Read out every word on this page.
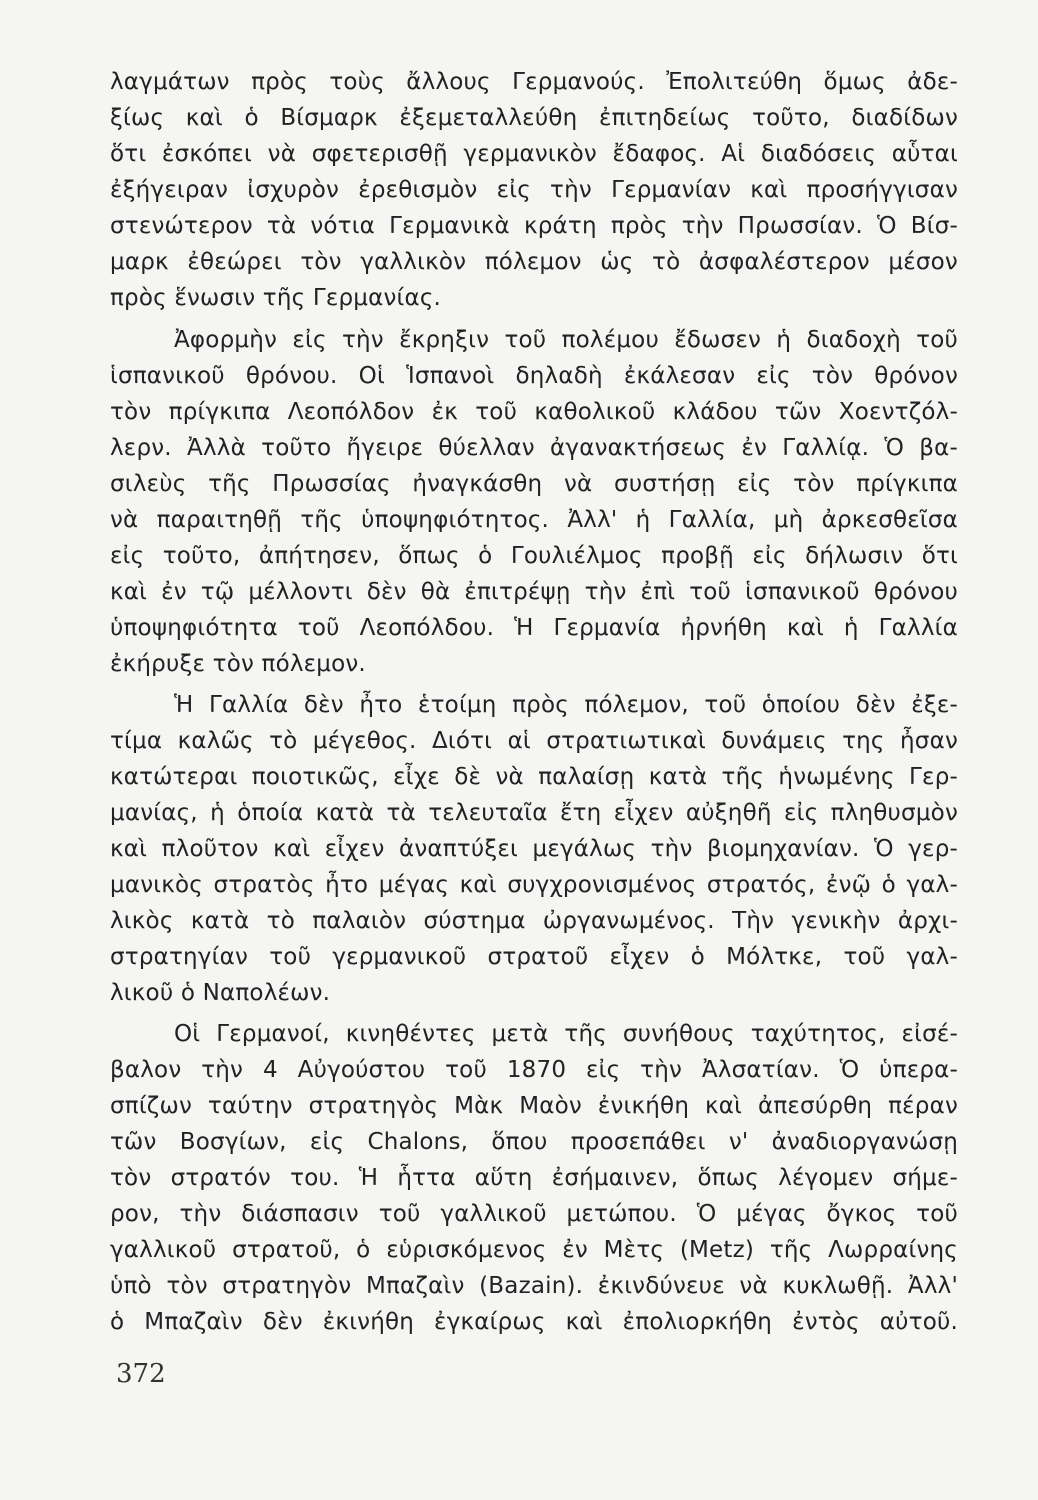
λαγμάτων πρὸς τοὺς ἄλλους Γερμανούς. Ἐπολιτεύθη ὅμως ἀδε-
ξίως καὶ ὁ Βίσμαρκ ἐξεμεταλλεύθη ἐπιτηδείως τοῦτο, διαδίδων
ὅτι ἐσκόπει νὰ σφετερισθῇ γερμανικὸν ἔδαφος. Αἱ διαδόσεις αὗται
ἐξήγειραν ἰσχυρὸν ἐρεθισμὸν εἰς τὴν Γερμανίαν καὶ προσήγγισαν
στενώτερον τὰ νότια Γερμανικὰ κράτη πρὸς τὴν Πρωσσίαν. Ὁ Βίσ-
μαρκ ἐθεώρει τὸν γαλλικὸν πόλεμον ὡς τὸ ἀσφαλέστερον μέσον
πρὸς ἕνωσιν τῆς Γερμανίας.
Ἀφορμὴν εἰς τὴν ἔκρηξιν τοῦ πολέμου ἔδωσεν ἡ διαδοχὴ τοῦ
ἱσπανικοῦ θρόνου. Οἱ Ἱσπανοὶ δηλαδὴ ἐκάλεσαν εἰς τὸν θρόνον
τὸν πρίγκιπα Λεοπόλδον ἐκ τοῦ καθολικοῦ κλάδου τῶν Χοεντζόλ-
λερν. Ἀλλὰ τοῦτο ἤγειρε θύελλαν ἀγανακτήσεως ἐν Γαλλίᾳ. Ὁ βα-
σιλεὺς τῆς Πρωσσίας ἠναγκάσθη νὰ συστήσῃ εἰς τὸν πρίγκιπα
νὰ παραιτηθῇ τῆς ὑποψηφιότητος. Ἀλλ' ἡ Γαλλία, μὴ ἀρκεσθεῖσα
εἰς τοῦτο, ἀπήτησεν, ὅπως ὁ Γουλιέλμος προβῇ εἰς δήλωσιν ὅτι
καὶ ἐν τῷ μέλλοντι δὲν θὰ ἐπιτρέψῃ τὴν ἐπὶ τοῦ ἱσπανικοῦ θρόνου
ὑποψηφιότητα τοῦ Λεοπόλδου. Ἡ Γερμανία ἠρνήθη καὶ ἡ Γαλλία
ἐκήρυξε τὸν πόλεμον.
Ἡ Γαλλία δὲν ἦτο ἑτοίμη πρὸς πόλεμον, τοῦ ὁποίου δὲν ἐξε-
τίμα καλῶς τὸ μέγεθος. Διότι αἱ στρατιωτικαὶ δυνάμεις της ἦσαν
κατώτεραι ποιοτικῶς, εἶχε δὲ νὰ παλαίσῃ κατὰ τῆς ἡνωμένης Γερ-
μανίας, ἡ ὁποία κατὰ τὰ τελευταῖα ἔτη εἶχεν αὐξηθῆ εἰς πληθυσμὸν
καὶ πλοῦτον καὶ εἶχεν ἀναπτύξει μεγάλως τὴν βιομηχανίαν. Ὁ γερ-
μανικὸς στρατὸς ἦτο μέγας καὶ συγχρονισμένος στρατός, ἐνῷ ὁ γαλ-
λικὸς κατὰ τὸ παλαιὸν σύστημα ὠργανωμένος. Τὴν γενικὴν ἀρχι-
στρατηγίαν τοῦ γερμανικοῦ στρατοῦ εἶχεν ὁ Μόλτκε, τοῦ γαλ-
λικοῦ ὁ Ναπολέων.
Οἱ Γερμανοί, κινηθέντες μετὰ τῆς συνήθους ταχύτητος, εἰσέ-
βαλον τὴν 4 Αὐγούστου τοῦ 1870 εἰς τὴν Ἀλσατίαν. Ὁ ὑπερα-
σπίζων ταύτην στρατηγὸς Μὰκ Μαὸν ἐνικήθη καὶ ἀπεσύρθη πέραν
τῶν Βοσγίων, εἰς Chalons, ὅπου προσεπάθει ν' ἀναδιοργανώσῃ
τὸν στρατόν του. Ἡ ἧττα αὕτη ἐσήμαινεν, ὅπως λέγομεν σήμε-
ρον, τὴν διάσπασιν τοῦ γαλλικοῦ μετώπου. Ὁ μέγας ὄγκος τοῦ
γαλλικοῦ στρατοῦ, ὁ εὑρισκόμενος ἐν Μὲτς (Metz) τῆς Λωρραίνης
ὑπὸ τὸν στρατηγὸν Μπαζαὶν (Bazain). ἐκινδύνευε νὰ κυκλωθῇ. Ἀλλ'
ὁ Μπαζαὶν δὲν ἐκινήθη ἐγκαίρως καὶ ἐπολιορκήθη ἐντὸς αὐτοῦ.
372
